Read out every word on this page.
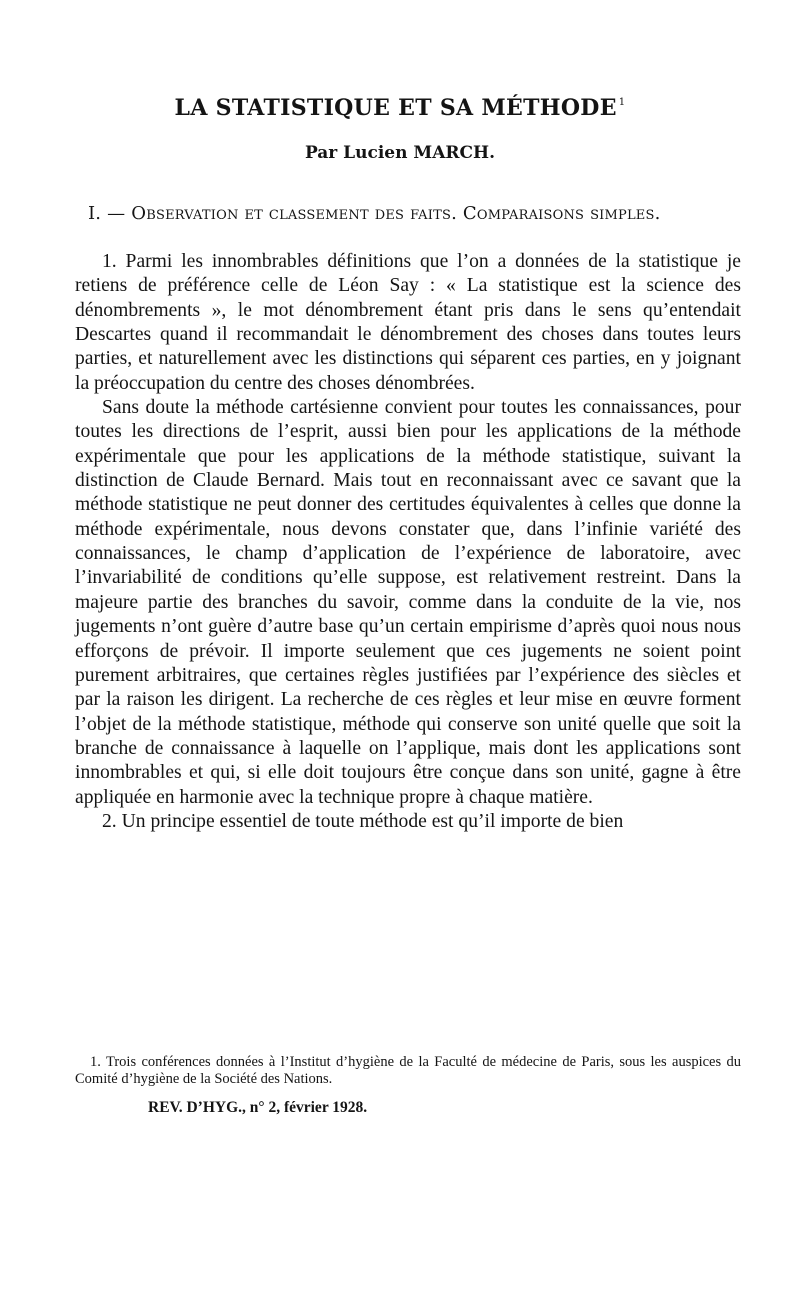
LA STATISTIQUE ET SA MÉTHODE $^1$
Par Lucien MARCH.
I. — Observation et classement des faits. Comparaisons simples.

1. Parmi les innombrables définitions que l’on a données de la statistique je retiens de préférence celle de Léon Say : « La statistique est la science des dénombrements », le mot dénombrement étant pris dans le sens qu’entendait Descartes quand il recommandait le dénombrement des choses dans toutes leurs parties, et naturellement avec les distinctions qui séparent ces parties, en y joignant la préoccupation du centre des choses dénombrées.

Sans doute la méthode cartésienne convient pour toutes les connaissances, pour toutes les directions de l’esprit, aussi bien pour les applications de la méthode expérimentale que pour les applications de la méthode statistique, suivant la distinction de Claude Bernard. Mais tout en reconnaissant avec ce savant que la méthode statistique ne peut donner des certitudes équivalentes à celles que donne la méthode expérimentale, nous devons constater que, dans l’infinie variété des connaissances, le champ d’application de l’expérience de laboratoire, avec l’invariabilité de conditions qu’elle suppose, est relativement restreint. Dans la majeure partie des branches du savoir, comme dans la conduite de la vie, nos jugements n’ont guère d’autre base qu’un certain empirisme d’après quoi nous nous efforçons de prévoir. Il importe seulement que ces jugements ne soient point purement arbitraires, que certaines règles justifiées par l’expérience des siècles et par la raison les dirigent. La recherche de ces règles et leur mise en œuvre forment l’objet de la méthode statistique, méthode qui conserve son unité quelle que soit la branche de connaissance à laquelle on l’applique, mais dont les applications sont innombrables et qui, si elle doit toujours être conçue dans son unité, gagne à être appliquée en harmonie avec la technique propre à chaque matière.

2. Un principe essentiel de toute méthode est qu’il importe de bien

1. Trois conférences données à l’Institut d’hygiène de la Faculté de médecine de Paris, sous les auspices du Comité d’hygiène de la Société des Nations.
REV. D’HYG., n° 2, février 1928.
